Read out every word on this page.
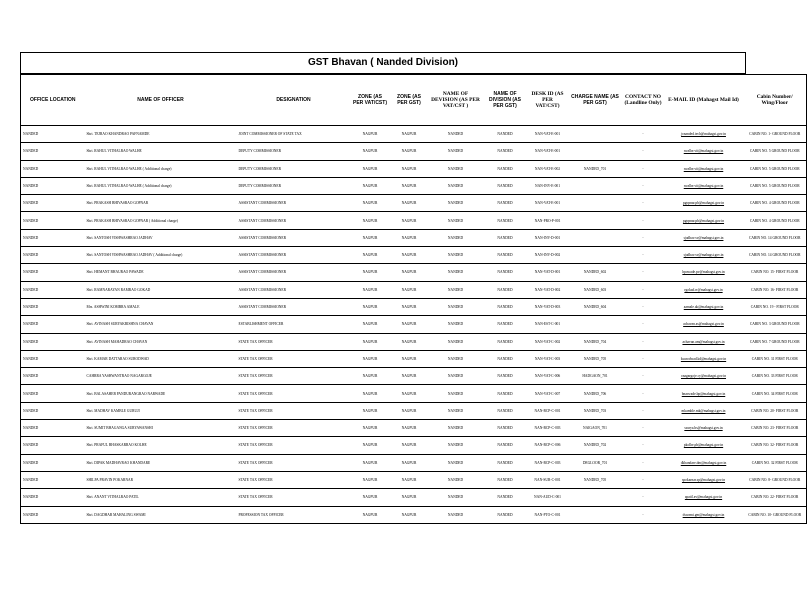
GST Bhavan ( Nanded Division)
OFFICE LOCATION	NAME OF OFFICER	DESIGNATION	ZONE (AS PER VAT/CST)	ZONE (AS PER GST)	NAME OF DEVISION (AS PER VAT/CST )	NAME OF DIVISION (AS PER GST)	DESK ID (AS PER VAT/CST)	CHARGE NAME (AS PER GST)	CONTACT NO (Landline Only)	E-MAIL ID (Mahagst Mail Id)	Cabin Number/ Wing/Floor
NANDED	Shri. TEJRAO KHANDRAO PAFNAMDE	JOINT COMMISSIONER OF STATE TAX	NAGPUR	NAGPUR	NANDED	NANDED	NAN-VAT-E-001		-	jcnanded.tech@mahagst.gov.in	CABIN NO. 1- GROUND FLOOR
NANDED	Shri. RAHUL VITHALRAO WALHE	DEPUTY COMMISSIONER	NAGPUR	NAGPUR	NANDED	NANDED	NAN-VAT-E-001		-	rwalhe.vit@mahagst.gov.in	CABIN NO. 5 GROUND FLOOR
NANDED	Shri. RAHUL VITHALRAO WALHE ( Additional charge)	DEPUTY COMMISSIONER	NAGPUR	NAGPUR	NANDED	NANDED	NAN-VAT-E-002	NANDED_701	-	rwalhe.vit@mahagst.gov.in	CABIN NO. 5 GROUND FLOOR
NANDED	Shri. RAHUL VITHALRAO WALHE ( Additional charge)	DEPUTY COMMISSIONER	NAGPUR	NAGPUR	NANDED	NANDED	NAN-INV-E-001		-	rwalhe.vit@mahagst.gov.in	CABIN NO. 5 GROUND FLOOR
NANDED	Shri. PRAKASH BHIVASRAO GOPNAR	ASSISTANT COMMISSIONER	NAGPUR	NAGPUR	NANDED	NANDED	NAN-VAT-E-001		-	pgopnar.pb@mahagst.gov.in	CABIN NO. 4 GROUND FLOOR
NANDED	Shri. PRAKASH BHIVASRAO GOPNAR ( Additional charge)	ASSISTANT COMMISSIONER	NAGPUR	NAGPUR	NANDED	NANDED	NAN-PRO-P-001		-	pgopnar.pb@mahagst.gov.in	CABIN NO. 4 GROUND FLOOR
NANDED	Shri. SANTOSH VISHWASHRAO JADHAV	ASSISTANT COMMISSIONER	NAGPUR	NAGPUR	NANDED	NANDED	NAN-INV-D-001		-	sjadhav.sv@mahagst.gov.in	CABIN NO. 14 GROUND FLOOR
NANDED	Shri. SANTOSH VISHWASHRAO JADHAV ( Additional charge)	ASSISTANT COMMISSIONER	NAGPUR	NAGPUR	NANDED	NANDED	NAN-INV-D-002		-	sjadhav.sv@mahagst.gov.in	CABIN NO. 14 GROUND FLOOR
NANDED	Shri. HEMANT BHAURAO PAWADE	ASSISTANT COMMISSIONER	NAGPUR	NAGPUR	NANDED	NANDED	NAN-VAT-D-001	NANDED_602	-	hpawade.pv@mahagst.gov.in	CABIN NO. 15- FIRST FLOOR
NANDED	Shri. RAMNARAYAN RAMRAO GOKAD	ASSISTANT COMMISSIONER	NAGPUR	NAGPUR	NANDED	NANDED	NAN-VAT-D-002	NANDED_603	-	rgokad.rr@mahagst.gov.in	CABIN NO. 16- FIRST FLOOR
NANDED	Mrs. ASHWINI KOMBRA AMALE	ASSISTANT COMMISSIONER	NAGPUR	NAGPUR	NANDED	NANDED	NAN-VAT-D-003	NANDED_604	-	aamale.ak@mahagst.gov.in	CABIN NO. 19 - FIRST FLOOR
NANDED	Shri. AVINASH SURYAKRISHNA CHAVAN	ESTABLISHMENT OFFICER	NAGPUR	NAGPUR	NANDED	NANDED	NAN-EST-C-001		-	achavan.as@mahagst.gov.in	CABIN NO. 3 GROUND FLOOR
NANDED	Shri. AVINASH MAHADRAO CHAVAN	STATE TAX OFFICER	NAGPUR	NAGPUR	NANDED	NANDED	NAN-VAT-C-002	NANDED_704	-	achavan.am@mahagst.gov.in	CABIN NO. 7 GROUND FLOOR
NANDED	Shri. KAMAR DATTARAO SURODWAD	STATE TAX OFFICER	NAGPUR	NAGPUR	NANDED	NANDED	NAN-VAT-C-003	NANDED_705	-	ksurodwad.kd@mahagst.gov.in	CABIN NO. 31 FIRST FLOOR
NANDED	CAHRRA YASHWANTRAO NAGARGOJE	STATE TAX OFFICER	NAGPUR	NAGPUR	NANDED	NANDED	NAN-VAT-C-006	HADGAON_701	-	cnagargoje.cy@mahagst.gov.in	CABIN NO. 33 FIRST FLOOR
NANDED	Shri. BALASAHEB PANDURANGRAO NARWADE	STATE TAX OFFICER	NAGPUR	NAGPUR	NANDED	NANDED	NAN-VAT-C-007	NANDED_706	-	bnarwade.bp@mahagst.gov.in	CABIN NO. 34 FIRST FLOOR
NANDED	Shri. MADHAV KAMBLE GURUJI	STATE TAX OFFICER	NAGPUR	NAGPUR	NANDED	NANDED	NAN-BCP-C-001	NANDED_703	-	mkamble.mk@mahagst.gov.in	CABIN NO. 20- FIRST FLOOR
NANDED	Shri. SUMIT BHAGANGA SURYAWANSHI	STATE TAX OFFICER	NAGPUR	NAGPUR	NANDED	NANDED	NAN-BCP-C-003	NAIGAON_701	-	ssurya.bs@mahagst.gov.in	CABIN NO. 23- FIRST FLOOR
NANDED	Shri. PRAFUL BHASKARRAO KOLHE	STATE TAX OFFICER	NAGPUR	NAGPUR	NANDED	NANDED	NAN-BCP-C-006	NANDED_702	-	pkolhe.pb@mahagst.gov.in	CABIN NO. 32- FIRST FLOOR
NANDED	Shri. DIPAK MADHAVRAO KHANDARE	STATE TAX OFFICER	NAGPUR	NAGPUR	NANDED	NANDED	NAN-BCP-C-003	DEGLOOR_701	-	dkhandare.dm@mahagst.gov.in	CABIN NO. 32 FIRST FLOOR
NANDED	SHILPA PRAVIN POKARNAR	STATE TAX OFFICER	NAGPUR	NAGPUR	NANDED	NANDED	NAN-SUR-C-001	NANDED_705	-	spokarnar.sp@mahagst.gov.in	CABIN NO. 8- GROUND FLOOR
NANDED	Shri. ANANT VITHALRAO PATIL	STATE TAX OFFICER	NAGPUR	NAGPUR	NANDED	NANDED	NAN-AUD-C-001		-	apatil.av@mahagst.gov.in	CABIN NO. 22- FIRST FLOOR
NANDED	Shri. DAGDHAR MAHALING SWAMI	PROFESSION TAX OFFICER	NAGPUR	NAGPUR	NANDED	NANDED	NAN-PTO-C-001		-	dswami.gm@mahagst.gov.in	CABIN NO. 10- GROUND FLOOR
